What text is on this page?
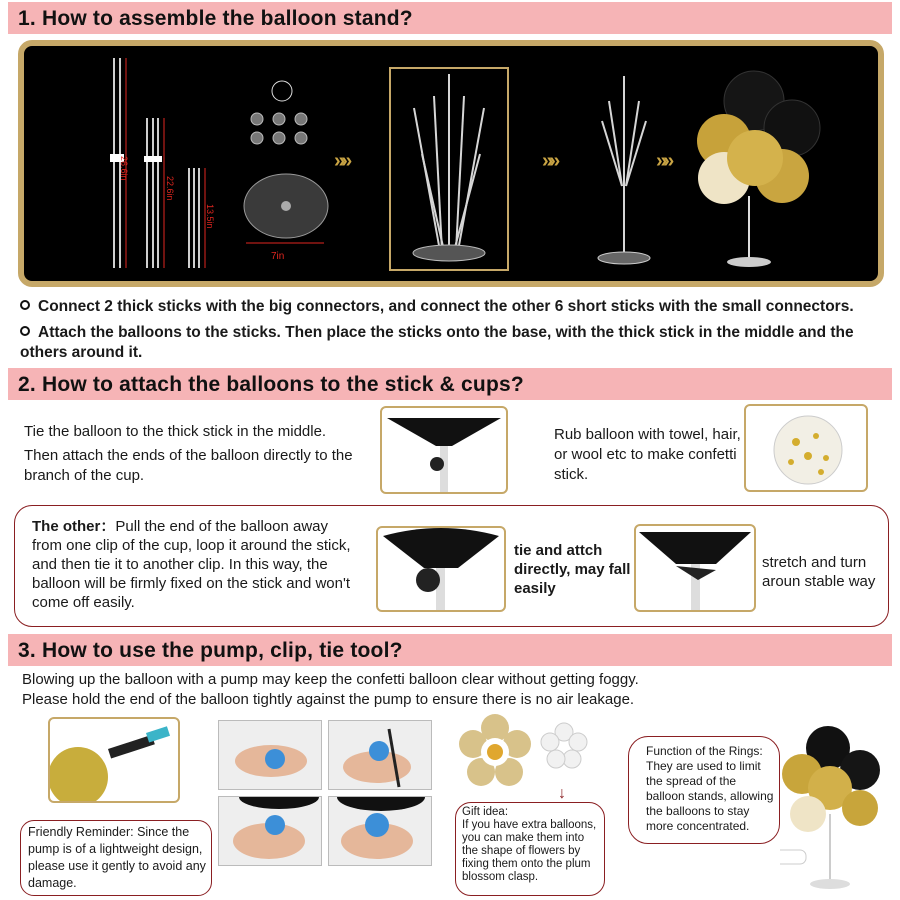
1. How to assemble the balloon stand?
26.6in
22.6in
13.5in
7in
»»	»»	»»
Connect 2 thick sticks with the big connectors, and connect the other 6 short sticks with the small connectors.
Attach the balloons to the sticks. Then place the sticks onto the base, with the thick stick in the middle and the others around it.
2. How to attach the balloons to the stick & cups?
Tie the balloon to the thick stick in the middle.
Then attach the ends of the balloon directly to the branch of the cup.
Rub balloon with towel, hair, or wool etc to make confetti stick.
The other：Pull the end of the balloon away from one clip of the cup, loop it around the stick, and then tie it to another clip. In this way, the balloon will be firmly fixed on the stick and won't come off easily.
tie and attch directly, may fall easily
stretch and turn aroun stable way
3. How to use the pump, clip, tie tool?
Blowing up the balloon with a pump may keep the confetti balloon clear without getting foggy.
Please hold the end of the balloon tightly against the pump to ensure there is no air leakage.
Friendly Reminder: Since the pump is of a lightweight design, please use it gently to avoid any damage.
↓
Gift idea:
If you have extra balloons, you can make them into the shape of flowers by fixing them onto the plum blossom clasp.
Function of the Rings: They are used to limit the spread of the balloon stands, allowing the balloons to stay more concentrated.
